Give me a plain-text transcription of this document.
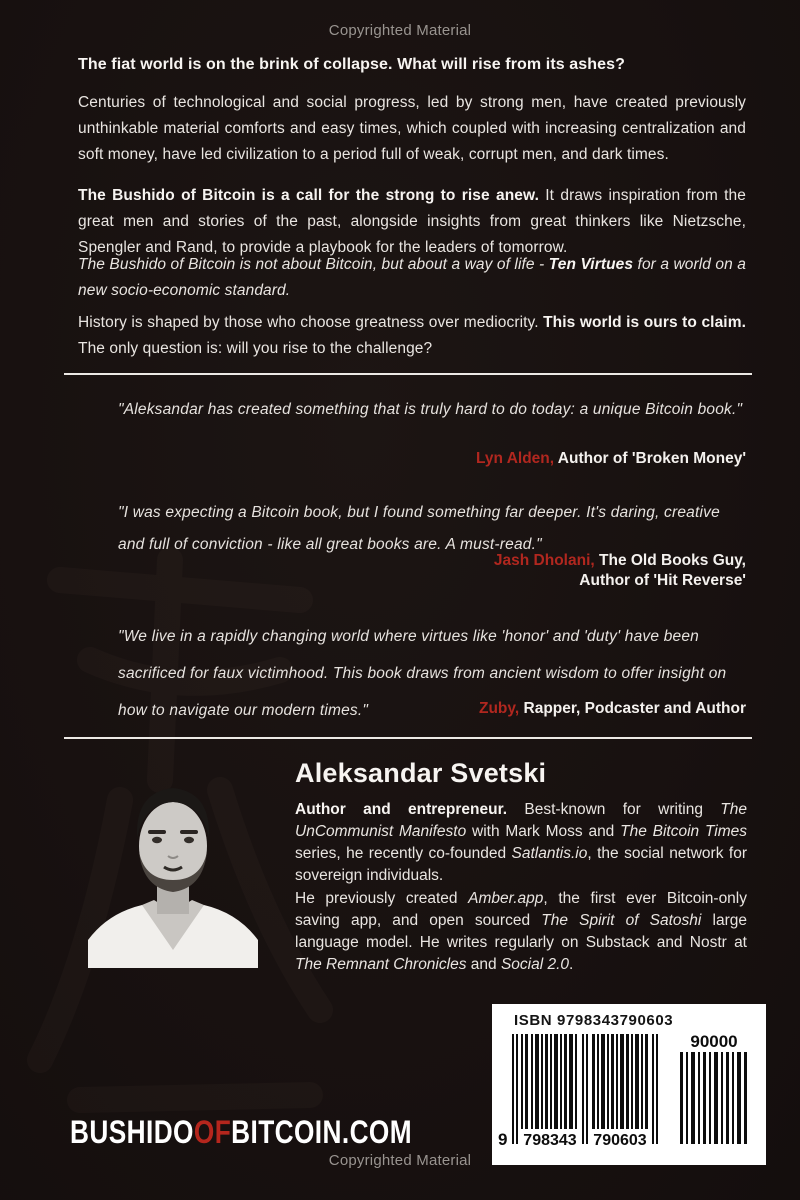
Copyrighted Material
The fiat world is on the brink of collapse. What will rise from its ashes?
Centuries of technological and social progress, led by strong men, have created previously unthinkable material comforts and easy times, which coupled with increasing centralization and soft money, have led civilization to a period full of weak, corrupt men, and dark times.
The Bushido of Bitcoin is a call for the strong to rise anew. It draws inspiration from the great men and stories of the past, alongside insights from great thinkers like Nietzsche, Spengler and Rand, to provide a playbook for the leaders of tomorrow.
The Bushido of Bitcoin is not about Bitcoin, but about a way of life - Ten Virtues for a world on a new socio-economic standard.
History is shaped by those who choose greatness over mediocrity. This world is ours to claim. The only question is: will you rise to the challenge?
"Aleksandar has created something that is truly hard to do today: a unique Bitcoin book."
Lyn Alden, Author of 'Broken Money'
"I was expecting a Bitcoin book, but I found something far deeper. It's daring, creative and full of conviction - like all great books are. A must-read."
Jash Dholani, The Old Books Guy,
Author of 'Hit Reverse'
"We live in a rapidly changing world where virtues like 'honor' and 'duty' have been sacrificed for faux victimhood. This book draws from ancient wisdom to offer insight on how to navigate our modern times."	Zuby, Rapper, Podcaster and Author
Aleksandar Svetski
Author and entrepreneur. Best-known for writing The UnCommunist Manifesto with Mark Moss and The Bitcoin Times series, he recently co-founded Satlantis.io, the social network for sovereign individuals.
He previously created Amber.app, the first ever Bitcoin-only saving app, and open sourced The Spirit of Satoshi large language model. He writes regularly on Substack and Nostr at The Remnant Chronicles and Social 2.0.
ISBN 9798343790603
9 798343 790603
90000
BUSHIDOOFBITCOIN.COM
Copyrighted Material
